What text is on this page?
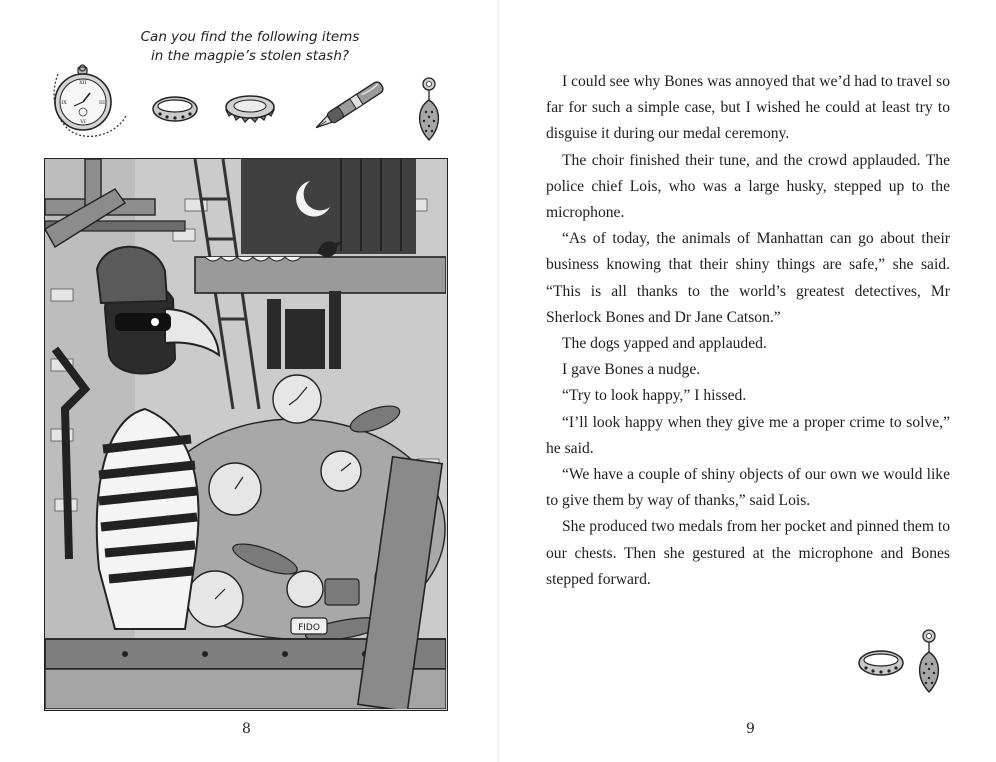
Can you find the following items
in the magpie’s stolen stash?
XII
III
VI
IX
FIDO
8

I could see why Bones was annoyed that we’d had to travel so far for such a simple case, but I wished he could at least try to disguise it during our medal ceremony.

The choir finished their tune, and the crowd applauded. The police chief Lois, who was a large husky, stepped up to the microphone.

“As of today, the animals of Manhattan can go about their business knowing that their shiny things are safe,” she said. “This is all thanks to the world’s greatest detectives, Mr Sherlock Bones and Dr Jane Catson.”

The dogs yapped and applauded.

I gave Bones a nudge.

“Try to look happy,” I hissed.

“I’ll look happy when they give me a proper crime to solve,” he said.

“We have a couple of shiny objects of our own we would like to give them by way of thanks,” said Lois.

She produced two medals from her pocket and pinned them to our chests. Then she gestured at the microphone and Bones stepped forward.

9
